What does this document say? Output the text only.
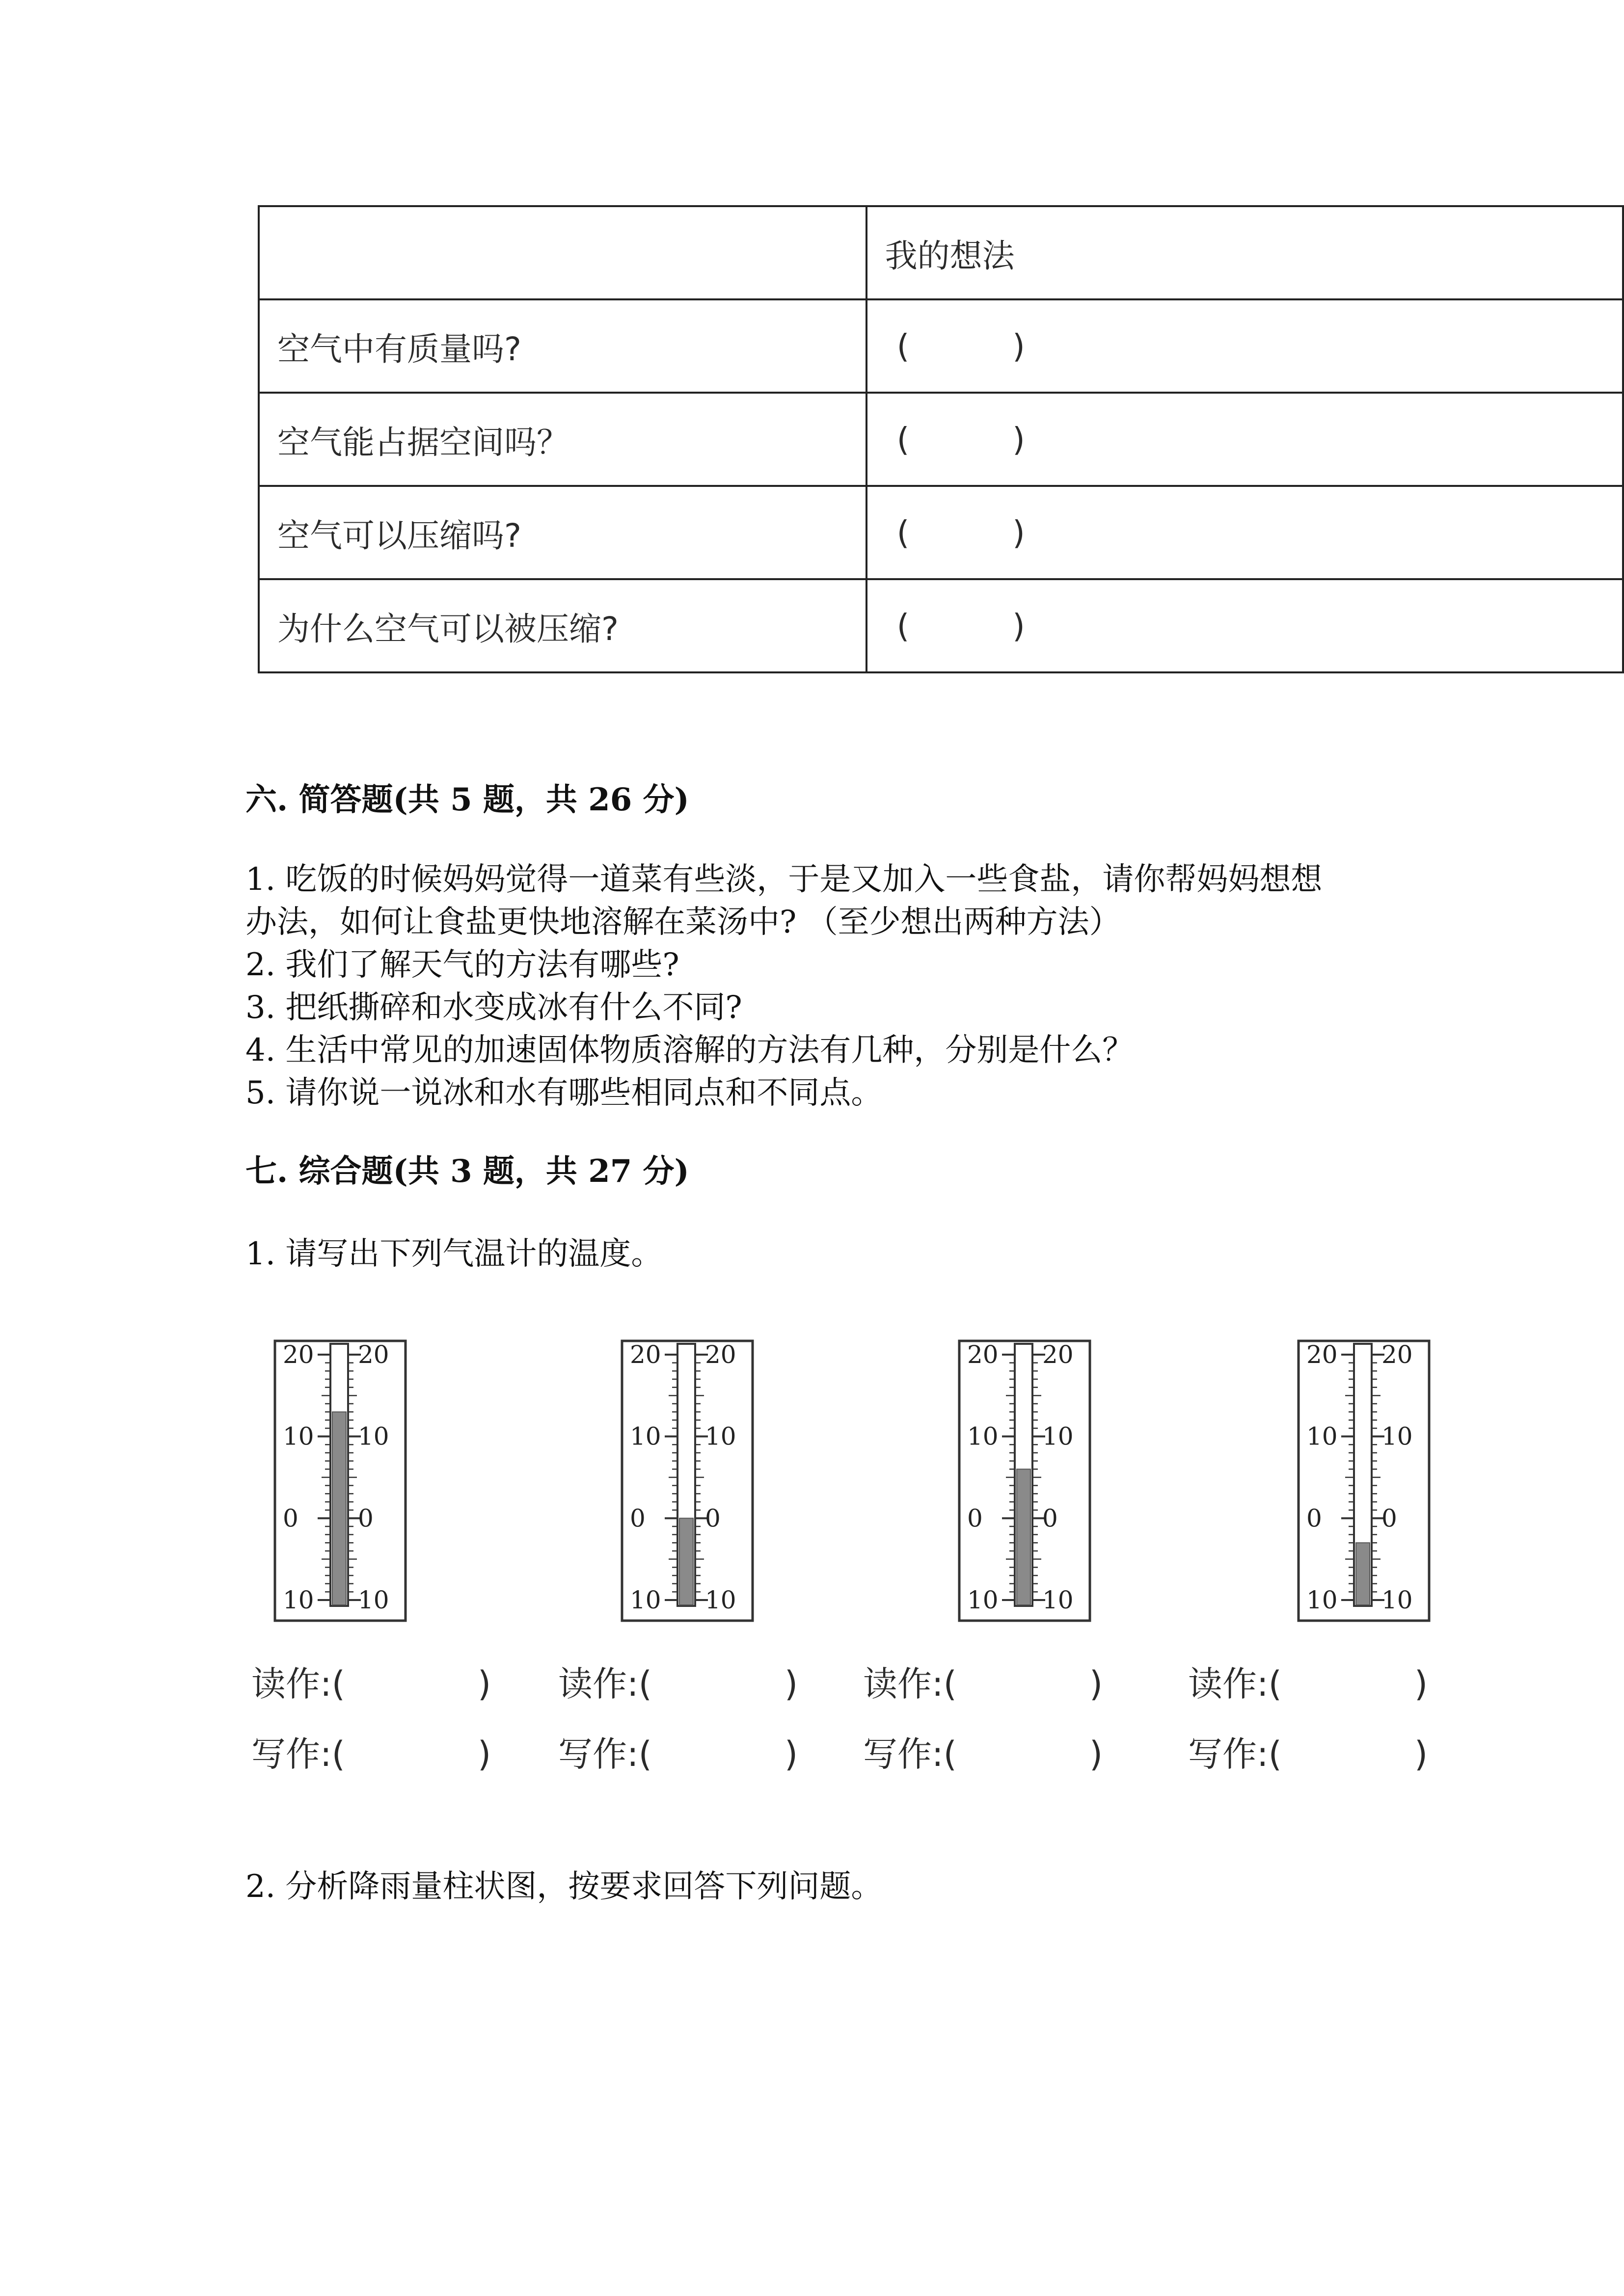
	我的想法
空气中有质量吗?	(          )
空气能占据空间吗？	(          )
空气可以压缩吗?	(          )
为什么空气可以被压缩?	(          )
六. 简答题(共 5 题，共 26 分)
1. 吃饭的时候妈妈觉得一道菜有些淡，于是又加入一些食盐，请你帮妈妈想想
办法，如何让食盐更快地溶解在菜汤中? （至少想出两种方法）
2. 我们了解天气的方法有哪些?
3. 把纸撕碎和水变成冰有什么不同?
4. 生活中常见的加速固体物质溶解的方法有几种，分别是什么？
5. 请你说一说冰和水有哪些相同点和不同点。
七. 综合题(共 3 题，共 27 分)
1. 请写出下列气温计的温度。
20 20
10 10
0 0
10 10
20 20
10 10
0 0
10 10
20 20
10 10
0 0
10 10
20 20
10 10
0 0
10 10
读作:(	) 读作:(	) 读作:(	) 读作:(	)
写作:(	) 写作:(	) 写作:(	) 写作:(	)
2. 分析降雨量柱状图，按要求回答下列问题。
